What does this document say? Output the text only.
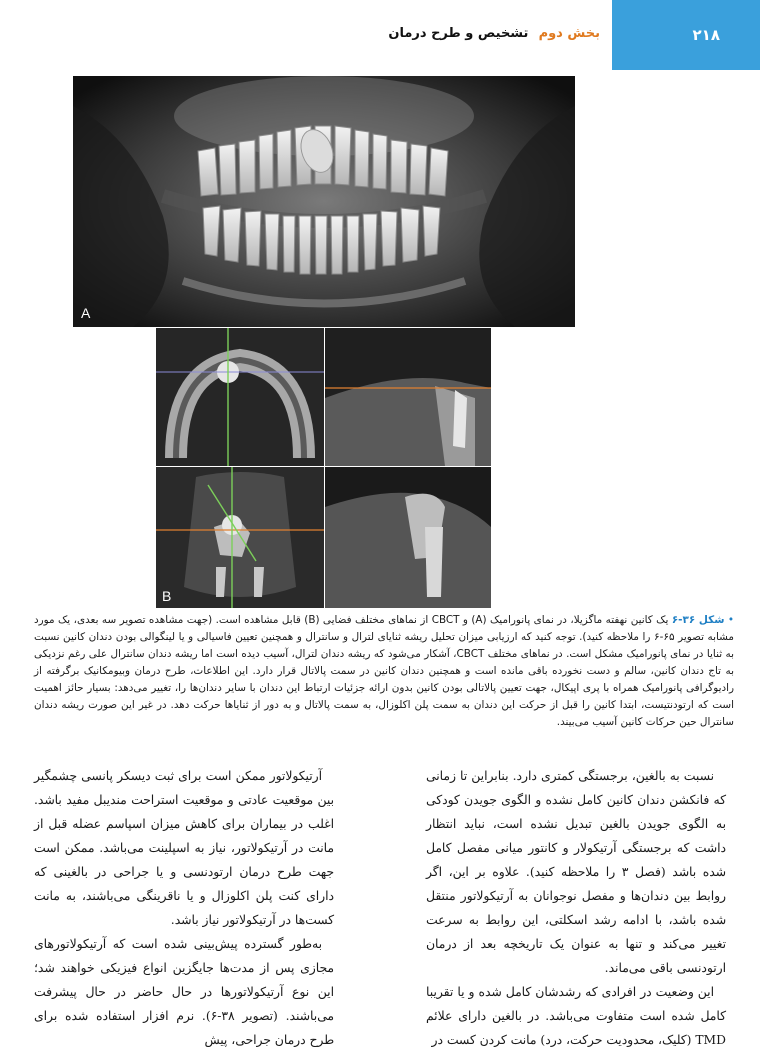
بخش دوم تشخیص و طرح درمان	۲۱۸
A
B
• شکل ۳۶-۶ یک کانین نهفته ماگزیلا، در نمای پانورامیک (A) و CBCT از نماهای مختلف فضایی (B) قابل مشاهده است. (جهت مشاهده تصویر سه بعدی، یک مورد مشابه تصویر ۶۵-۶ را ملاحظه کنید). توجه کنید که ارزیابی میزان تحلیل ریشه ثنایای لترال و سانترال و همچنین تعیین فاسیالی و یا لینگوالی بودن دندان کانین نسبت به ثنایا در نمای پانورامیک مشکل است. در نماهای مختلف CBCT، آشکار می‌شود که ریشه دندان لترال، آسیب دیده است اما ریشه دندان سانترال علی رغم نزدیکی به تاج دندان کانین، سالم و دست نخورده باقی مانده است و همچنین دندان کانین در سمت پالاتال قرار دارد. این اطلاعات، طرح درمان وبیومکانیک برگرفته از رادیوگرافی پانورامیک همراه با پری اپیکال، جهت تعیین پالاتالی بودن کانین بدون ارائه جزئیات ارتباط این دندان با سایر دندان‌ها را، تغییر می‌دهد: بسیار حائز اهمیت است که ارتودنتیست، ابتدا کانین را قبل از حرکت این دندان به سمت پلن اکلوزال، به سمت پالاتال و به دور از ثنایاها حرکت دهد. در غیر این صورت ریشه دندان سانترال حین حرکات کانین آسیب می‌بیند.

نسبت به بالغین، برجستگی کمتری دارد. بنابراین تا زمانی که فانکشن دندان کانین کامل نشده و الگوی جویدن کودکی به الگوی جویدن بالغین تبدیل نشده است، نباید انتظار داشت که برجستگی آرتیکولار و کانتور میانی مفصل کامل شده باشد (فصل ۳ را ملاحظه کنید). علاوه بر این، اگر روابط بین دندان‌ها و مفصل نوجوانان به آرتیکولاتور منتقل شده باشد، با ادامه رشد اسکلتی، این روابط به سرعت تغییر می‌کند و تنها به عنوان یک تاریخچه بعد از درمان ارتودنسی باقی می‌ماند.

این وضعیت در افرادی که رشدشان کامل شده و یا تقریبا کامل شده است متفاوت می‌باشد. در بالغین دارای علائم TMD (کلیک، محدودیت حرکت، درد) مانت کردن کست در

آرتیکولاتور ممکن است برای ثبت دیسکر پانسی چشمگیر بین موقعیت عادتی و موقعیت استراحت مندیبل مفید باشد. اغلب در بیماران برای کاهش میزان اسپاسم عضله قبل از مانت در آرتیکولاتور، نیاز به اسپلینت می‌باشد. ممکن است جهت طرح درمان ارتودنسی و یا جراحی در بالغینی که دارای کنت پلن اکلوزال و یا ناقرینگی می‌باشند، به مانت کست‌ها در آرتیکولاتور نیاز باشد.

به‌طور گسترده پیش‌بینی شده است که آرتیکولاتورهای مجازی پس از مدت‌ها جایگزین انواع فیزیکی خواهند شد؛ این نوع آرتیکولاتورها در حال حاضر در حال پیشرفت می‌باشند. (تصویر ۳۸-۶). نرم افزار استفاده شده برای طرح درمان جراحی، پیش
